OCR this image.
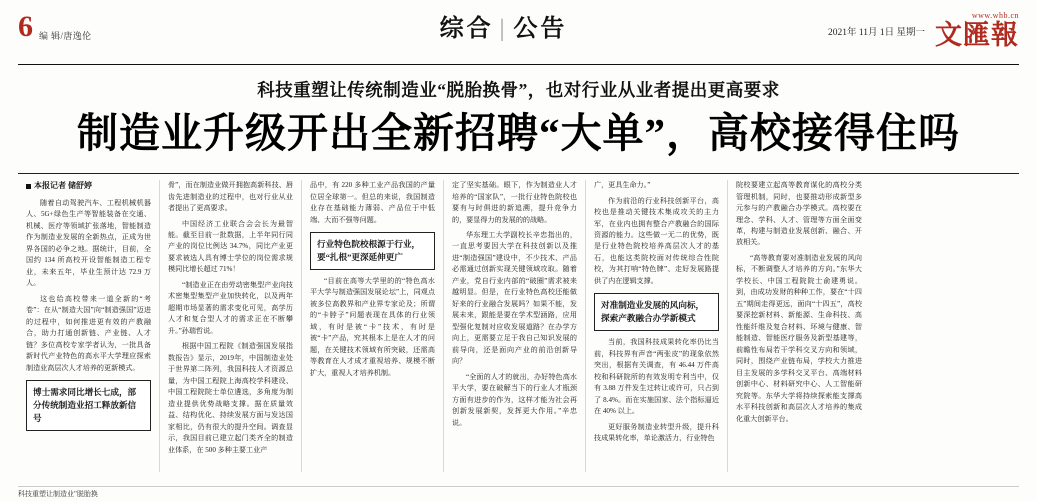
6 编 辑/唐逸伦	综合 | 公告	2021年 11月 1日 星期一
www.whb.cn
文匯報
科技重塑让传统制造业“脱胎换骨”，也对行业从业者提出更高要求
制造业升级开出全新招聘“大单”，高校接得住吗
本报记者 储舒婷

随着自动驾驶汽车、工程机械机器人、5G+绿色生产等智能装备在交通、机械、医疗等领域扩张落地，智能制造作为制造业发展的全新热点，正成为世界各国的必争之地。据统计，目前，全国约 134 所高校开设智能制造工程专业，未来五年，毕业生预计达 72.9 万人。

这也给高校带来一道全新的“考卷”：在从“制造大国”向“制造强国”迈进的过程中，如何推进更有效的产教融合，助力打通创新链、产业链、人才链？多位高校专家学者认为，一批具备新时代产业特色的高水平大学理应探索制造业高层次人才培养的更新模式。

博士需求同比增长七成，部分传统制造业招工释放新信号

骨”，而在制造业做开拥抱高新科技、唇齿先进制造业的过程中，也对行业从业者提出了更高要求。

中国经济工业联合会会长为最智能。截至目前一批数据，上半年同行同产业的岗位比例达 34.7%，同比产业更要求被选人具有博士学位的岗位需求规模同比增长超过 71%！

“制造业正在由劳动密集型产业向技术密集型集型产业加快转化，以及两年超期市场显著的需求变化可见，高学历人才和复合型人才的需求正在不断攀升。”孙瑞哲说。

根据中国工程院《制造强国发展指数报告》显示，2019年，中国制造业处于世界第二阵列，我国科技人才资源总量，为中国工程院上海高校学科建设、中国工程院院士单位遴选，多角度为制造业提供优势战略支撑。据在质量效益、结构优化、持续发展方面与发达国家相比，仍有很大的提升空间。调查显示，我国目前已建立起门类齐全的制造业体系，在 500 多种主要工业产

品中，有 220 多种工业产品我国的产量位居全球第一。但总的来说，我国制造业存在基础能力薄弱、产品位于中低端、大而不强等问题。

行业特色院校根源于行业，要“扎根”更深延伸更广

“目前在高等大学里的的“特色高水平大学与制造强国发展论坛”上，同观点被多位高教界和产业界专家论及；所谓的“卡脖子”问题表现在具体的行业领域，有时是被“卡”技术，有时是被“卡”产品，究其根本上是在人才的问题，在关键技术领域有所突破，还需高等教育在人才成才重视培养、规模不断扩大，重视人才培养机制。

定了坚实基础。眼下，作为制造业人才培养的“国家队”，一批行业特色院校也要有与时俱进的新追溯，提升竞争力的，要显得力的发展的的战略。

华东理工大学副校长辛忠指出的，一直思考要因大学在科技创新以及推进“制造强国”建设中，不少技术、产品必需通过创新实现关键领域攻取。随着产业，党自行业内部的“破圈”需求被来越明显。但是，在行业特色高校还能做好来的行业融合发展吗？如果不能，发展未来，跟能是要在学术型涵路，应用型强化复制对应收发展道路？在办学方向上，更需要立足于我自己知识发展的前导向，还是面向产业的前沿创新导向？

“全面的人才的就出，办好特色高水平大学，要在破解当下的行业人才瓶颈方面有进步的作为，这样才能为社会再创新发展新契，发挥更大作用。”辛忠说。

广，更具生命力。”

作为前沿的行业科技创新平台，高校也是推动关键技术集成攻关的主力军，在业内也拥有整合产教融合的国际资源的能力。这些做一无二的优势，既是行业特色院校培养高层次人才的基石，也能这类院校面对传统综合性院校，为其打响“特色牌”、走好发展路提供了内在逻辑支撑。

对准制造业发展的风向标，探索产教融合办学新模式

当前，我国科技成果转化率仍比当前，科技界有声音“两张皮”的现象依然突出，根据有关调查，有 46.44 万件高校和科研院所的有效发明专利当中，仅有 3.88 万件发生过转让或许可，只占到了 8.4%。而在实施国家、法个指标逼近在 40% 以上。

更好服务制造业转型升级，提升科技成果转化率，单论激活力，行业特色

院校要建立起高等教育谋化的高校分类管理机制，同时，也要推动形成新型多元参与的产教融合办学模式。高校要在理念、学科、人才、管理等方面全面变革，构建与制造业发展创新、融合、开放相关。

“高等教育要对准制造业发展的风向标，不断调整人才培养的方向。”东华大学校长、中国工程院院士俞建勇说。到，由成功发财的种种工作，要在“十四五”期间走得更远，面向“十四五”，高校要深挖新材料、新能源、生命科技、高性能纤维及复合材料、环境与健康、智能制造、智能医疗服务及新型基建等，前瞻性布局若干学科交叉方向和领域，同时，围绕产业链布局，学校大力推进目主发展的多学科交叉平台、高端材料创新中心、材料研究中心、人工智能研究院等。东华大学将持续探索能支撑高水平科技创新和高层次人才培养的集成化重大创新平台。

科技重塑让制造业"脱胎换
